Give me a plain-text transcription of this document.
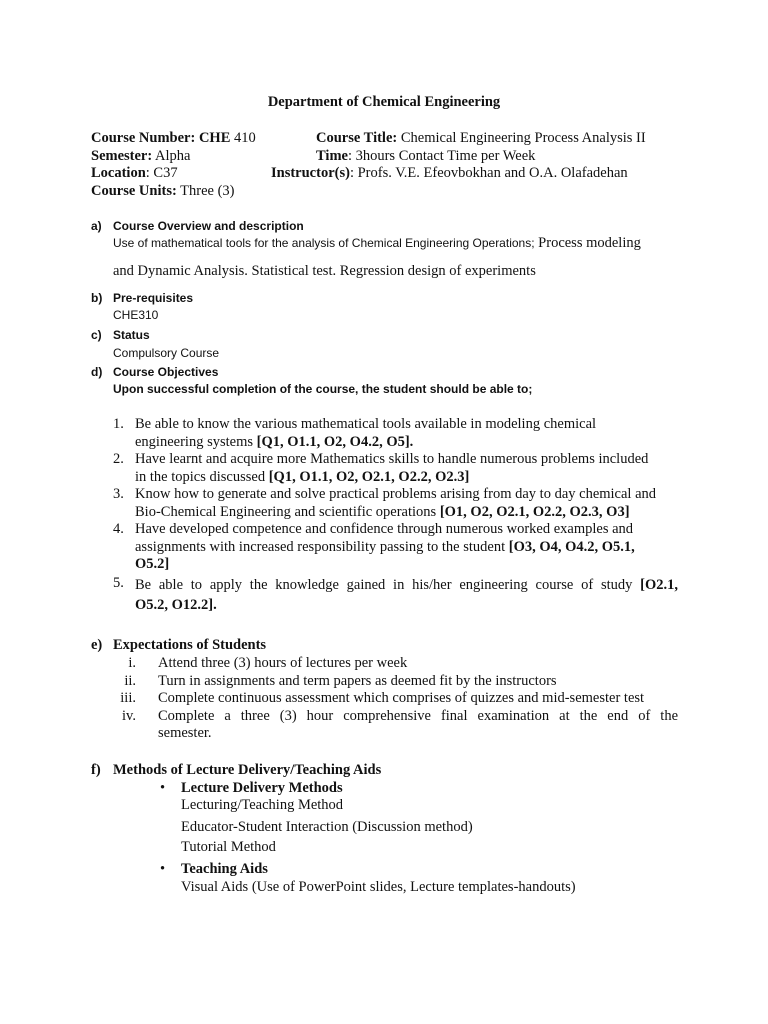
Department of Chemical Engineering
Course Number: CHE 410	Course Title: Chemical Engineering Process Analysis II
Semester: Alpha	Time: 3hours Contact Time per Week
Location: C37	Instructor(s): Profs. V.E. Efeovbokhan and O.A. Olafadehan
Course Units: Three (3)
a) Course Overview and description
Use of mathematical tools for the analysis of Chemical Engineering Operations; Process modeling
and Dynamic Analysis. Statistical test. Regression design of experiments
b) Pre-requisites
CHE310
c) Status
Compulsory Course
d) Course Objectives
Upon successful completion of the course, the student should be able to;
1. Be able to know the various mathematical tools available in modeling chemical
engineering systems [Q1, O1.1, O2, O4.2, O5].
2. Have learnt and acquire more Mathematics skills to handle numerous problems included
in the topics discussed [Q1, O1.1, O2, O2.1, O2.2, O2.3]
3. Know how to generate and solve practical problems arising from day to day chemical and
Bio-Chemical Engineering and scientific operations [O1, O2, O2.1, O2.2, O2.3, O3]
4. Have developed competence and confidence through numerous worked examples and
assignments with increased responsibility passing to the student [O3, O4, O4.2, O5.1,
O5.2]
5. Be able to apply the knowledge gained in his/her engineering course of study [O2.1,
O5.2, O12.2].
e) Expectations of Students
i. Attend three (3) hours of lectures per week
ii. Turn in assignments and term papers as deemed fit by the instructors
iii. Complete continuous assessment which comprises of quizzes and mid-semester test
iv. Complete a three (3) hour comprehensive final examination at the end of the
semester.
f) Methods of Lecture Delivery/Teaching Aids
• Lecture Delivery Methods
Lecturing/Teaching Method
Educator-Student Interaction (Discussion method)
Tutorial Method
• Teaching Aids
Visual Aids (Use of PowerPoint slides, Lecture templates-handouts)
